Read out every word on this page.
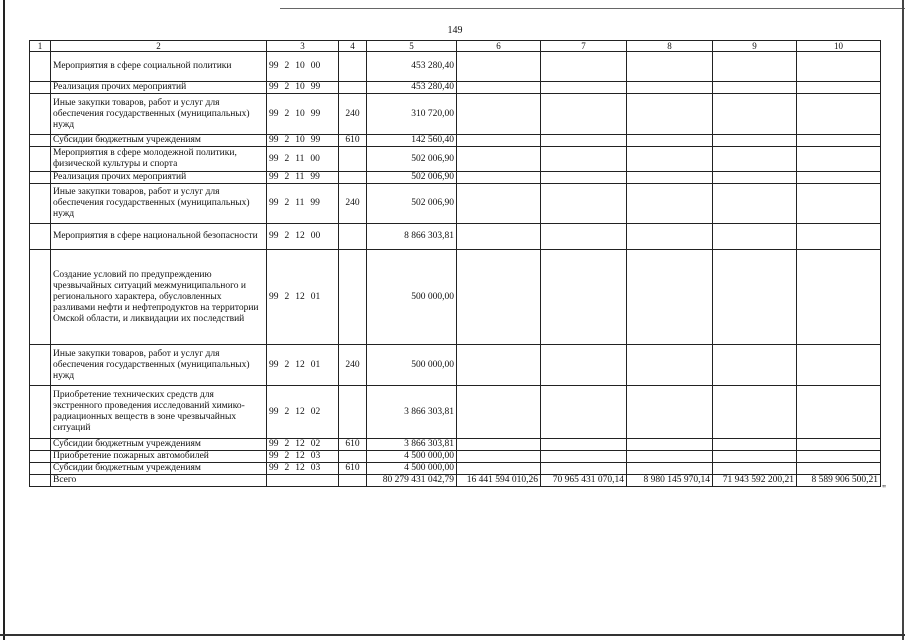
149
1	2	3	4	5	6	7	8	9	10
	Мероприятия в сфере социальной политики	99 2 10 00		453 280,40					
	Реализация прочих мероприятий	99 2 10 99		453 280,40					
	Иные закупки товаров, работ и услуг для обеспечения государственных (муниципальных) нужд	99 2 10 99	240	310 720,00					
	Субсидии бюджетным учреждениям	99 2 10 99	610	142 560,40					
	Мероприятия в сфере молодежной политики, физической культуры и спорта	99 2 11 00		502 006,90					
	Реализация прочих мероприятий	99 2 11 99		502 006,90					
	Иные закупки товаров, работ и услуг для обеспечения государственных (муниципальных) нужд	99 2 11 99	240	502 006,90					
	Мероприятия в сфере национальной безопасности	99 2 12 00		8 866 303,81					
	Создание условий по предупреждению чрезвычайных ситуаций межмуниципального и регионального характера, обусловленных разливами нефти и нефтепродуктов на территории Омской области, и ликвидации их последствий	99 2 12 01		500 000,00					
	Иные закупки товаров, работ и услуг для обеспечения государственных (муниципальных) нужд	99 2 12 01	240	500 000,00					
	Приобретение технических средств для экстренного проведения исследований химико-радиационных веществ в зоне чрезвычайных ситуаций	99 2 12 02		3 866 303,81					
	Субсидии бюджетным учреждениям	99 2 12 02	610	3 866 303,81					
	Приобретение пожарных автомобилей	99 2 12 03		4 500 000,00					
	Субсидии бюджетным учреждениям	99 2 12 03	610	4 500 000,00					
	Всего			80 279 431 042,79	16 441 594 010,26	70 965 431 070,14	8 980 145 970,14	71 943 592 200,21	8 589 906 500,21
"
